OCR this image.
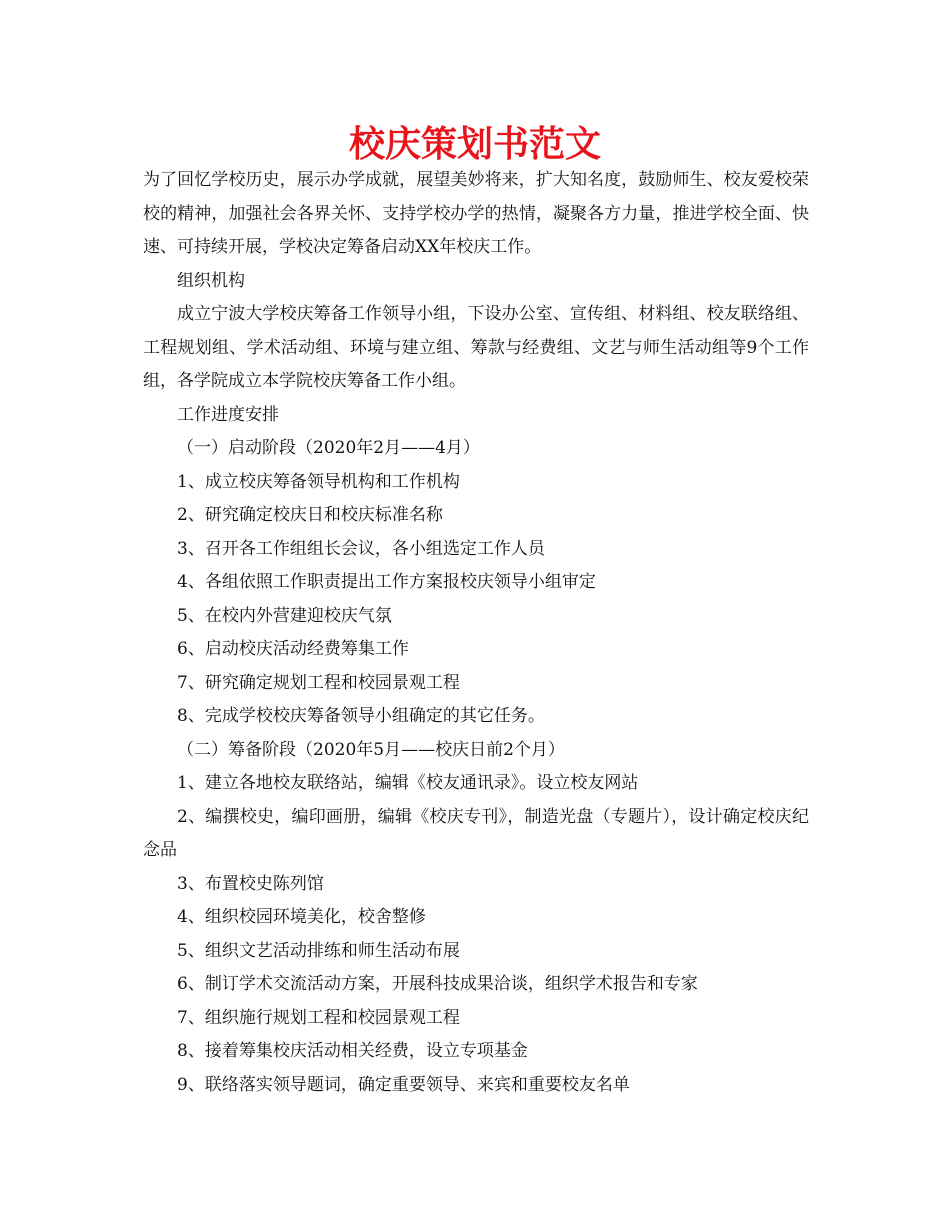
校庆策划书范文

为了回忆学校历史，展示办学成就，展望美妙将来，扩大知名度，鼓励师生、校友爱校荣校的精神，加强社会各界关怀、支持学校办学的热情，凝聚各方力量，推进学校全面、快速、可持续开展，学校决定筹备启动XX年校庆工作。

组织机构

成立宁波大学校庆筹备工作领导小组，下设办公室、宣传组、材料组、校友联络组、工程规划组、学术活动组、环境与建立组、筹款与经费组、文艺与师生活动组等9个工作组，各学院成立本学院校庆筹备工作小组。

工作进度安排

（一）启动阶段（2020年2月——4月）

1、成立校庆筹备领导机构和工作机构

2、研究确定校庆日和校庆标准名称

3、召开各工作组组长会议，各小组选定工作人员

4、各组依照工作职责提出工作方案报校庆领导小组审定

5、在校内外营建迎校庆气氛

6、启动校庆活动经费筹集工作

7、研究确定规划工程和校园景观工程

8、完成学校校庆筹备领导小组确定的其它任务。

（二）筹备阶段（2020年5月——校庆日前2个月）

1、建立各地校友联络站，编辑《校友通讯录》。设立校友网站

2、编撰校史，编印画册，编辑《校庆专刊》，制造光盘（专题片），设计确定校庆纪念品

3、布置校史陈列馆

4、组织校园环境美化，校舍整修

5、组织文艺活动排练和师生活动布展

6、制订学术交流活动方案，开展科技成果洽谈，组织学术报告和专家

7、组织施行规划工程和校园景观工程

8、接着筹集校庆活动相关经费，设立专项基金

9、联络落实领导题词，确定重要领导、来宾和重要校友名单
